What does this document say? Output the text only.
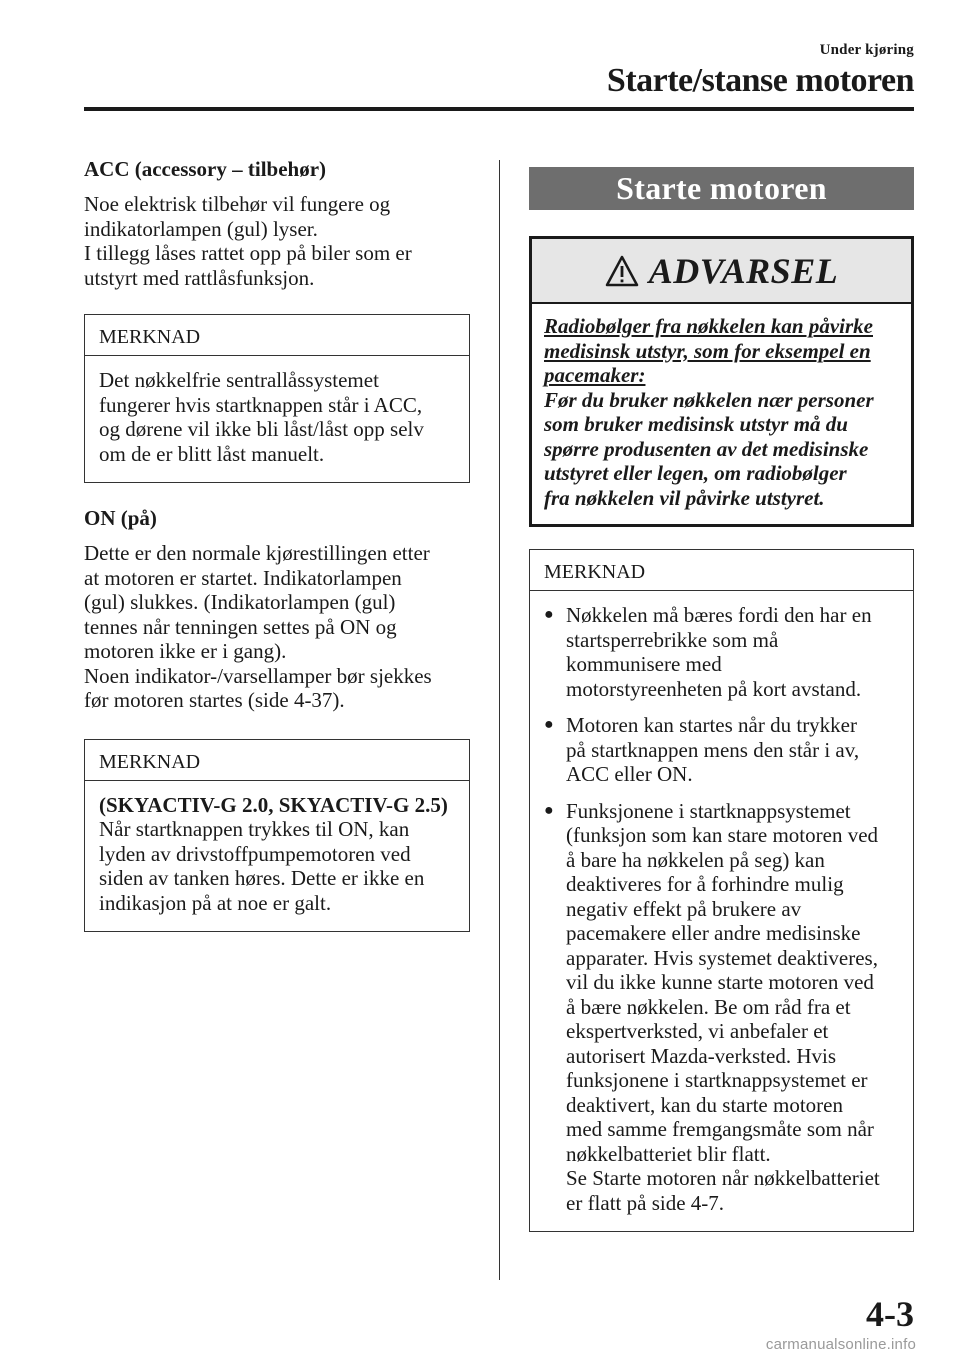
Under kjøring
Starte/stanse motoren
ACC (accessory – tilbehør)

Noe elektrisk tilbehør vil fungere og
indikatorlampen (gul) lyser.
I tillegg låses rattet opp på biler som er
utstyrt med rattlåsfunksjon.

MERKNAD

Det nøkkelfrie sentrallåssystemet
fungerer hvis startknappen står i ACC,
og dørene vil ikke bli låst/låst opp selv
om de er blitt låst manuelt.

ON (på)

Dette er den normale kjørestillingen etter
at motoren er startet. Indikatorlampen
(gul) slukkes. (Indikatorlampen (gul)
tennes når tenningen settes på ON og
motoren ikke er i gang).
Noen indikator-/varsellamper bør sjekkes
før motoren startes (side 4-37).

MERKNAD

(SKYACTIV-G 2.0, SKYACTIV-G 2.5)
Når startknappen trykkes til ON, kan
lyden av drivstoffpumpemotoren ved
siden av tanken høres. Dette er ikke en
indikasjon på at noe er galt.

Starte motoren
ADVARSEL

Radiobølger fra nøkkelen kan påvirke
medisinsk utstyr, som for eksempel en
pacemaker:
Før du bruker nøkkelen nær personer
som bruker medisinsk utstyr må du
spørre produsenten av det medisinske
utstyret eller legen, om radiobølger
fra nøkkelen vil påvirke utstyret.

MERKNAD
● Nøkkelen må bæres fordi den har en
startsperrebrikke som må
kommunisere med
motorstyreenheten på kort avstand.
● Motoren kan startes når du trykker
på startknappen mens den står i av,
ACC eller ON.
● Funksjonene i startknappsystemet
(funksjon som kan stare motoren ved
å bare ha nøkkelen på seg) kan
deaktiveres for å forhindre mulig
negativ effekt på brukere av
pacemakere eller andre medisinske
apparater. Hvis systemet deaktiveres,
vil du ikke kunne starte motoren ved
å bære nøkkelen. Be om råd fra et
ekspertverksted, vi anbefaler et
autorisert Mazda-verksted. Hvis
funksjonene i startknappsystemet er
deaktivert, kan du starte motoren
med samme fremgangsmåte som når
nøkkelbatteriet blir flatt.
Se Starte motoren når nøkkelbatteriet
er flatt på side 4-7.
4-3
carmanualsonline.info
